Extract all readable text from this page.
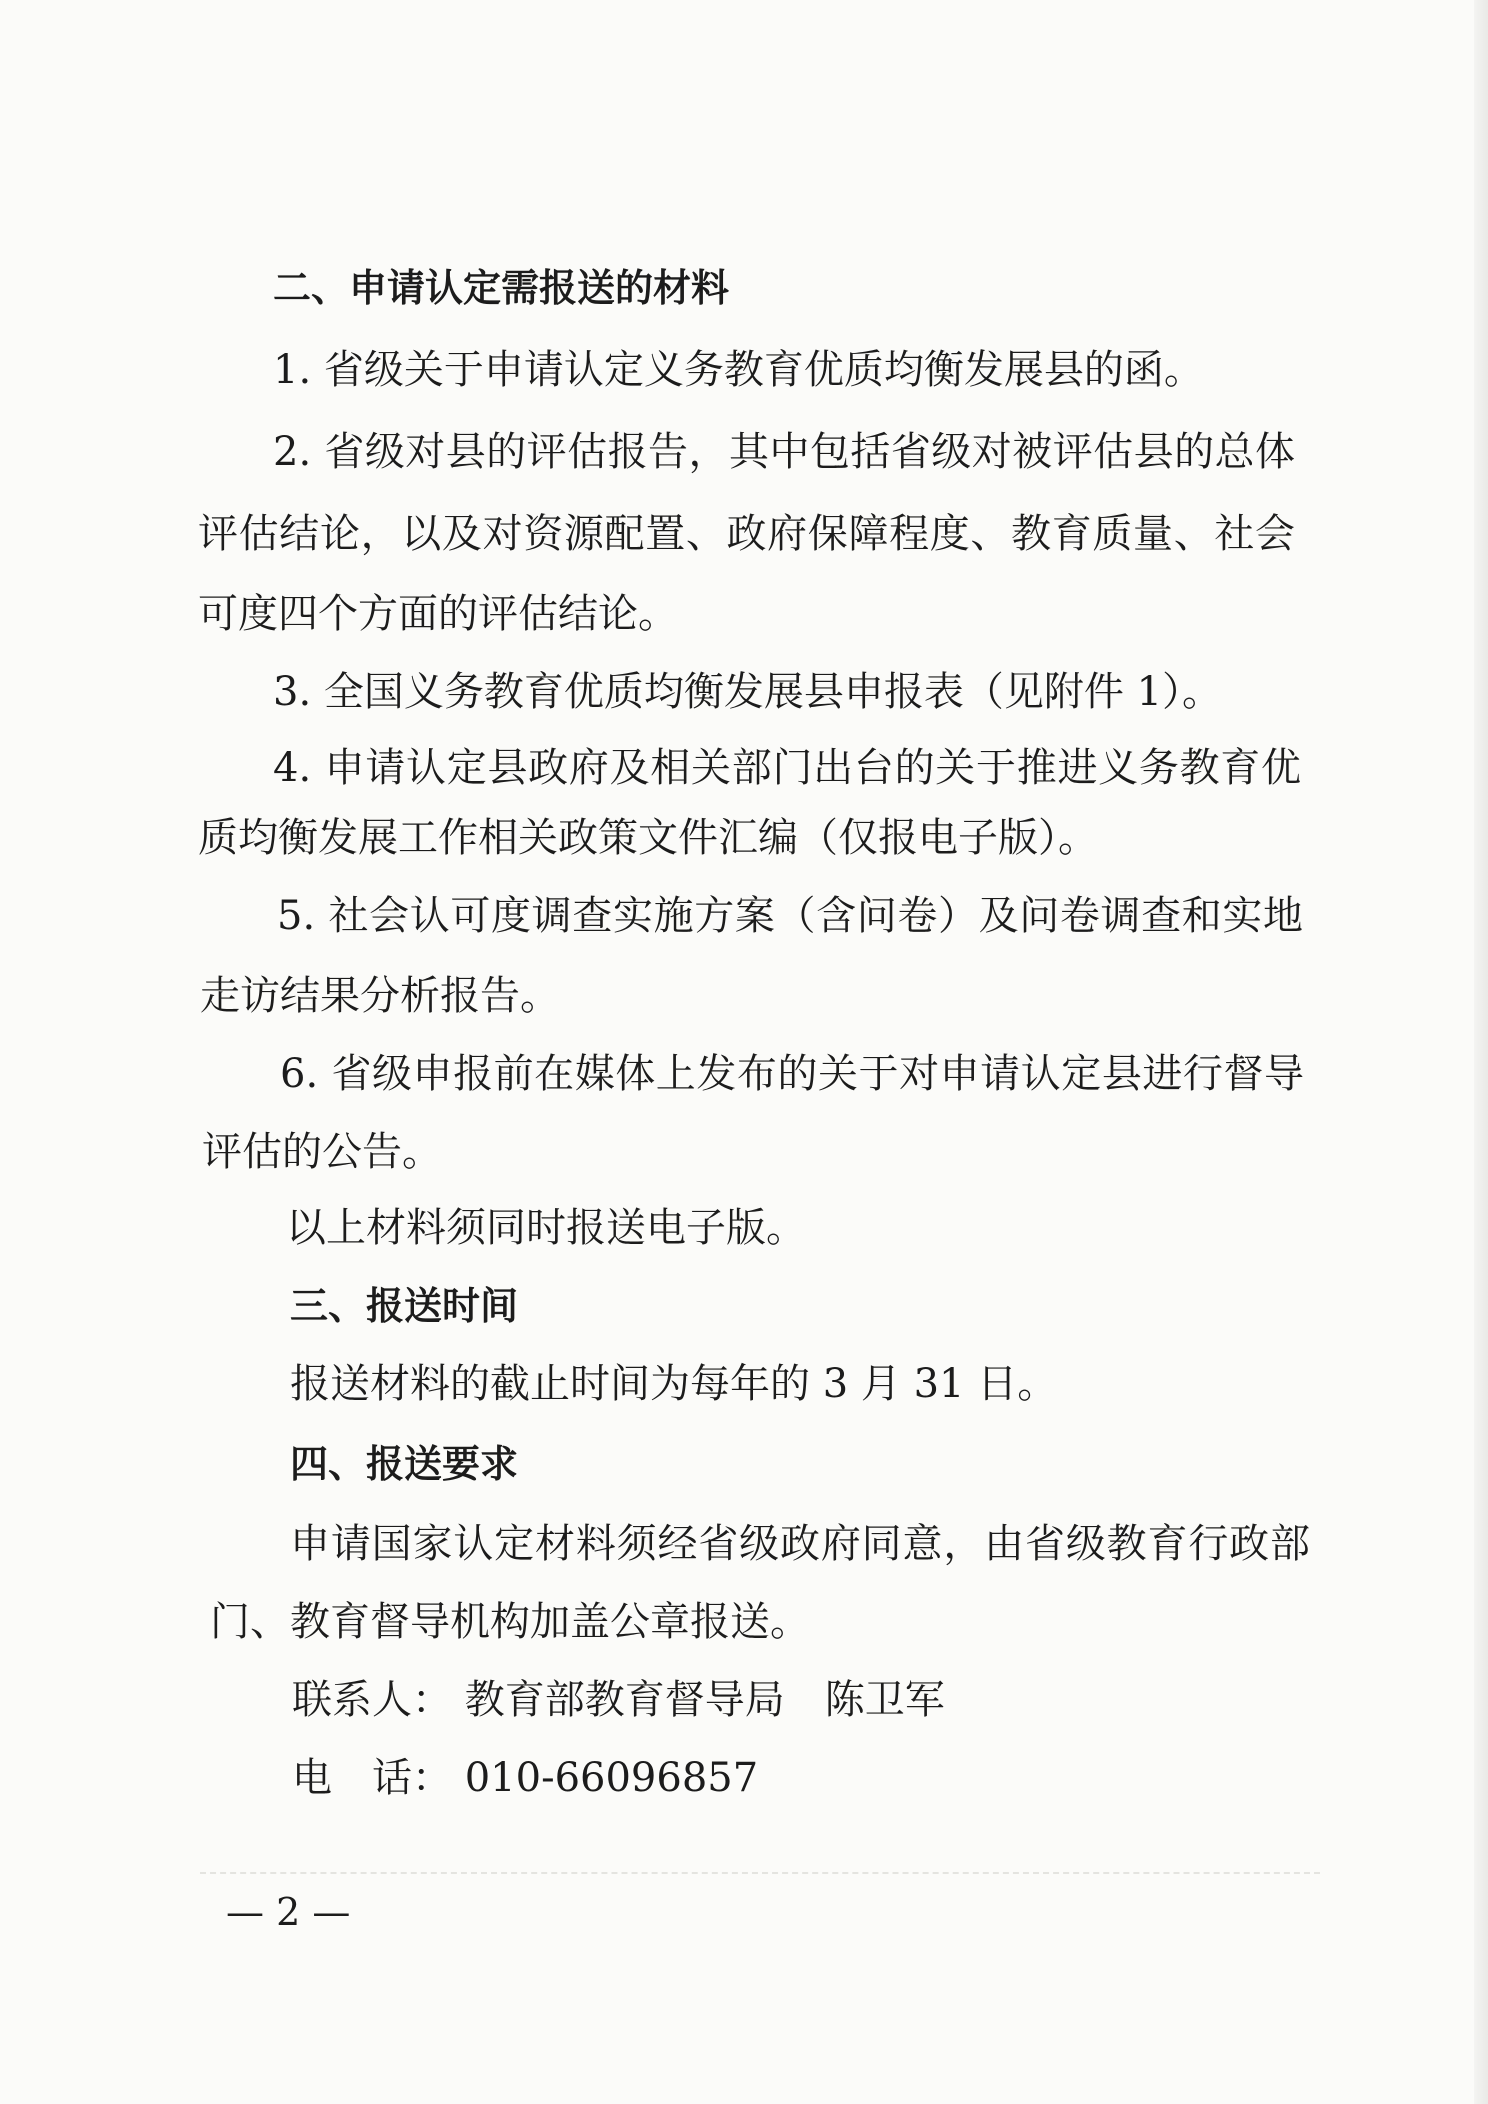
二、申请认定需报送的材料
1. 省级关于申请认定义务教育优质均衡发展县的函。
2. 省级对县的评估报告，其中包括省级对被评估县的总体
评估结论，以及对资源配置、政府保障程度、教育质量、社会
可度四个方面的评估结论。
3. 全国义务教育优质均衡发展县申报表（见附件 1）。
4. 申请认定县政府及相关部门出台的关于推进义务教育优
质均衡发展工作相关政策文件汇编（仅报电子版）。
5. 社会认可度调查实施方案（含问卷）及问卷调查和实地
走访结果分析报告。
6. 省级申报前在媒体上发布的关于对申请认定县进行督导
评估的公告。
以上材料须同时报送电子版。
三、报送时间
报送材料的截止时间为每年的 3 月 31 日。
四、报送要求
申请国家认定材料须经省级政府同意，由省级教育行政部
门、教育督导机构加盖公章报送。
联系人： 教育部教育督导局　陈卫军
电　话： 010-66096857
— 2 —
